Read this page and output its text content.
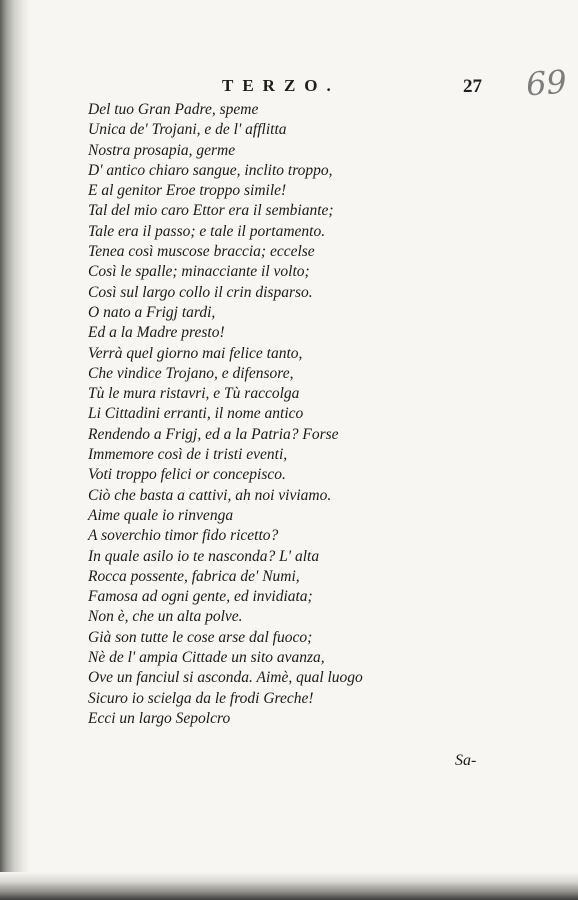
TERZO.	27 69
Del tuo Gran Padre, speme
Unica de' Trojani, e de l' afflitta
Nostra prosapia, germe
D' antico chiaro sangue, inclito troppo,
E al genitor Eroe troppo simile!
Tal del mio caro Ettor era il sembiante;
Tale era il passo; e tale il portamento.
Tenea così muscose braccia; eccelse
Così le spalle; minacciante il volto;
Così sul largo collo il crin disparso.
O nato a Frigj tardi,
Ed a la Madre presto!
Verrà quel giorno mai felice tanto,
Che vindice Trojano, e difensore,
Tù le mura ristavri, e Tù raccolga
Li Cittadini erranti, il nome antico
Rendendo a Frigj, ed a la Patria? Forse
Immemore così de i tristi eventi,
Voti troppo felici or concepisco.
Ciò che basta a cattivi, ah noi viviamo.
Aime quale io rinvenga
A soverchio timor fido ricetto?
In quale asilo io te nasconda? L' alta
Rocca possente, fabrica de' Numi,
Famosa ad ogni gente, ed invidiata;
Non è, che un alta polve.
Già son tutte le cose arse dal fuoco;
Nè de l' ampia Cittade un sito avanza,
Ove un fanciul si asconda. Aimè, qual luogo
Sicuro io scielga da le frodi Greche!
Ecci un largo Sepolcro
Sa-
